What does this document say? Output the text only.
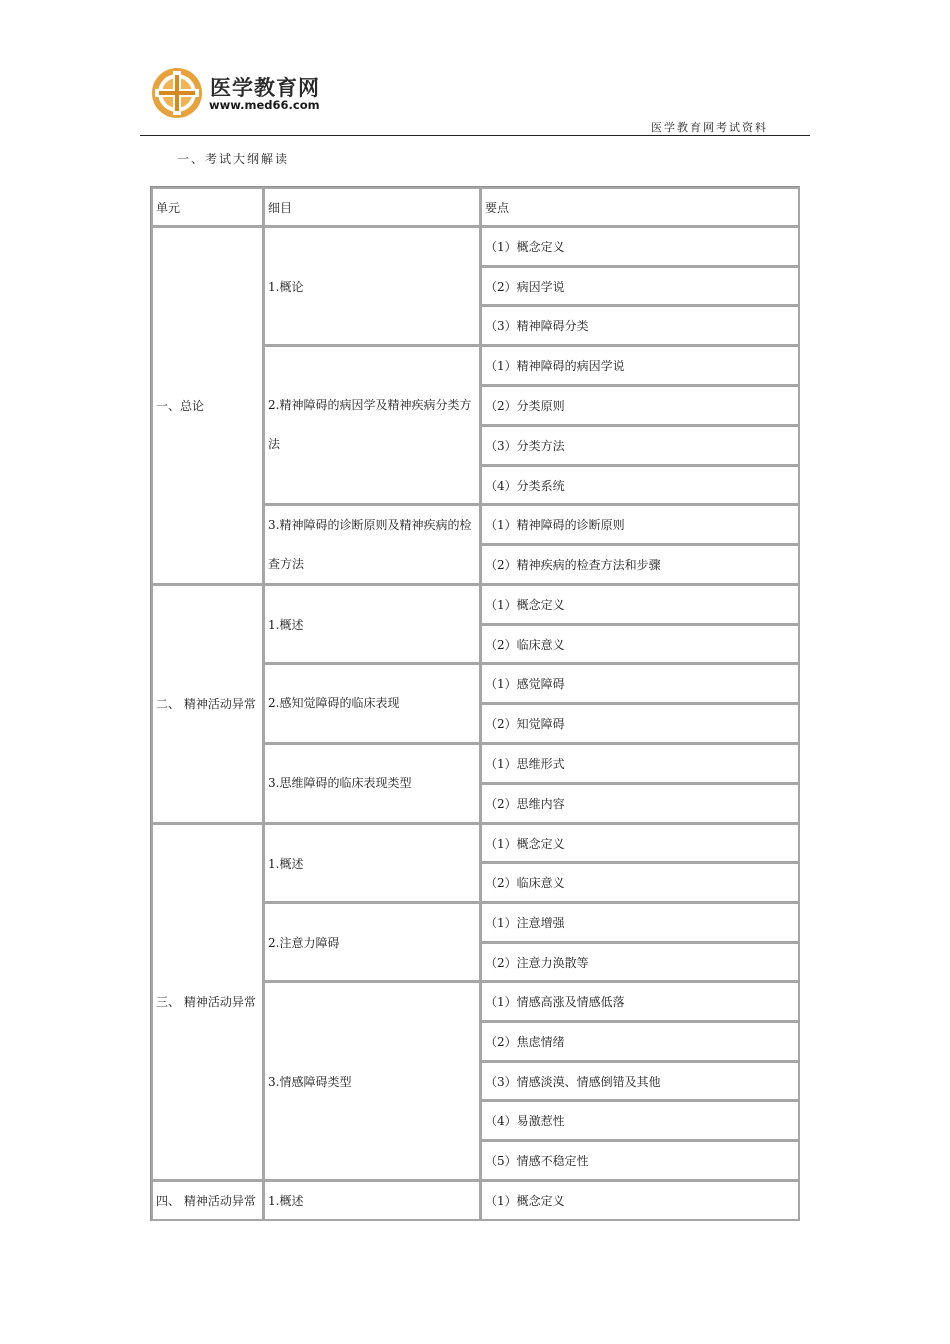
医学教育网
www.med66.com
医学教育网考试资料
一、考试大纲解读
单元	细目	要点
一、总论
二、 精神活动异常
三、 精神活动异常
四、 精神活动异常
1.概论
2.精神障碍的病因学及精神疾病分类方法
3.精神障碍的诊断原则及精神疾病的检查方法
1.概述
2.感知觉障碍的临床表现
3.思维障碍的临床表现类型
1.概述
2.注意力障碍
3.情感障碍类型
1.概述
（1）概念定义
（2）病因学说
（3）精神障碍分类
（1）精神障碍的病因学说
（2）分类原则
（3）分类方法
（4）分类系统
（1）精神障碍的诊断原则
（2）精神疾病的检查方法和步骤
（1）概念定义
（2）临床意义
（1）感觉障碍
（2）知觉障碍
（1）思维形式
（2）思维内容
（1）概念定义
（2）临床意义
（1）注意增强
（2）注意力涣散等
（1）情感高涨及情感低落
（2）焦虑情绪
（3）情感淡漠、情感倒错及其他
（4）易激惹性
（5）情感不稳定性
（1）概念定义
